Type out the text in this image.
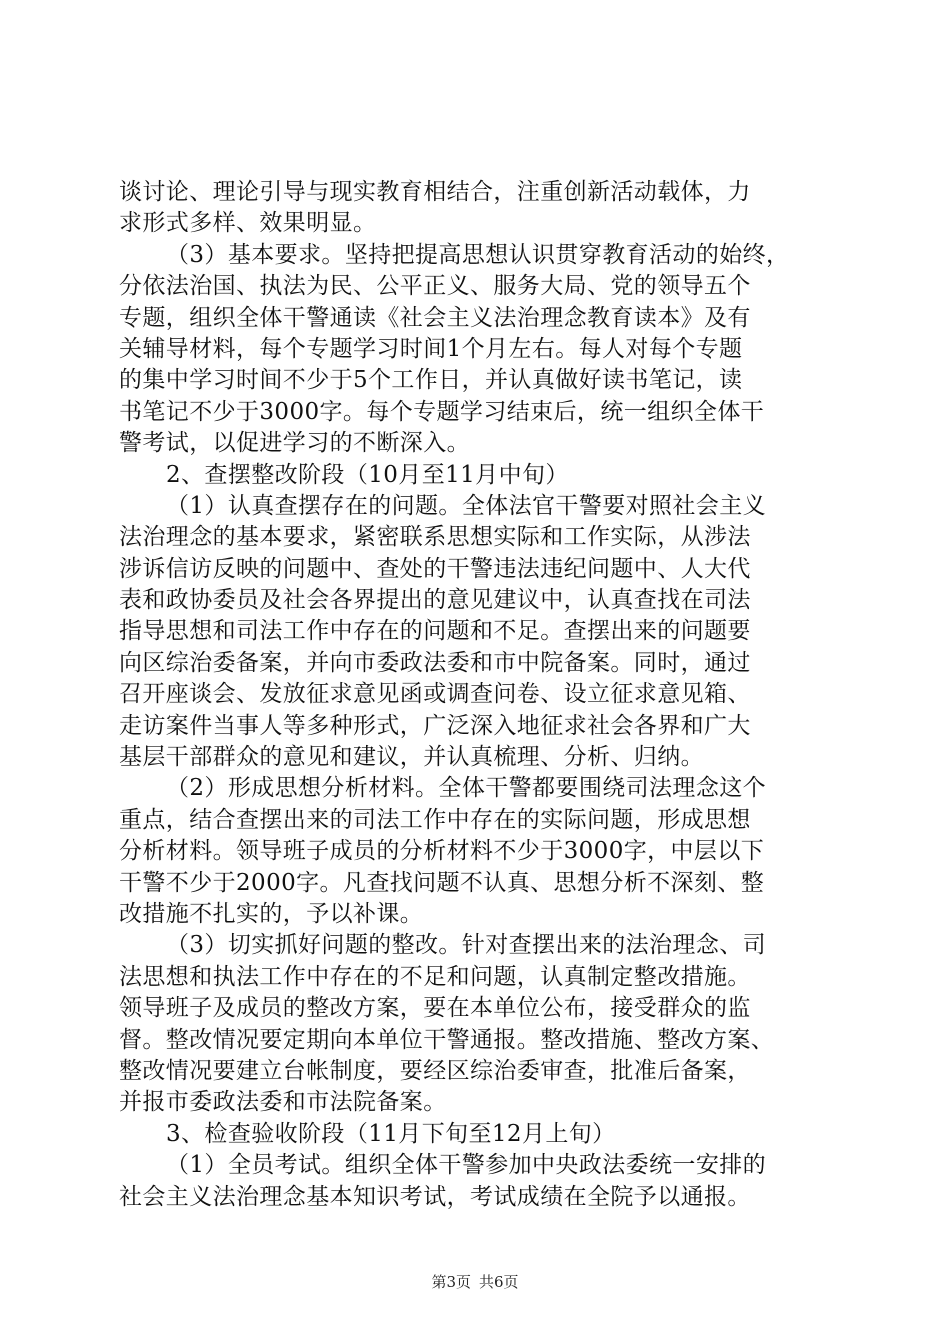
谈讨论、理论引导与现实教育相结合，注重创新活动载体，力
求形式多样、效果明显。
（3）基本要求。坚持把提高思想认识贯穿教育活动的始终，
分依法治国、执法为民、公平正义、服务大局、党的领导五个
专题，组织全体干警通读《社会主义法治理念教育读本》及有
关辅导材料，每个专题学习时间1个月左右。每人对每个专题
的集中学习时间不少于5个工作日，并认真做好读书笔记，读
书笔记不少于3000字。每个专题学习结束后，统一组织全体干
警考试，以促进学习的不断深入。
2、查摆整改阶段（10月至11月中旬）
（1）认真查摆存在的问题。全体法官干警要对照社会主义
法治理念的基本要求，紧密联系思想实际和工作实际，从涉法
涉诉信访反映的问题中、查处的干警违法违纪问题中、人大代
表和政协委员及社会各界提出的意见建议中，认真查找在司法
指导思想和司法工作中存在的问题和不足。查摆出来的问题要
向区综治委备案，并向市委政法委和市中院备案。同时，通过
召开座谈会、发放征求意见函或调查问卷、设立征求意见箱、
走访案件当事人等多种形式，广泛深入地征求社会各界和广大
基层干部群众的意见和建议，并认真梳理、分析、归纳。
（2）形成思想分析材料。全体干警都要围绕司法理念这个
重点，结合查摆出来的司法工作中存在的实际问题，形成思想
分析材料。领导班子成员的分析材料不少于3000字，中层以下
干警不少于2000字。凡查找问题不认真、思想分析不深刻、整
改措施不扎实的，予以补课。
（3）切实抓好问题的整改。针对查摆出来的法治理念、司
法思想和执法工作中存在的不足和问题，认真制定整改措施。
领导班子及成员的整改方案，要在本单位公布，接受群众的监
督。整改情况要定期向本单位干警通报。整改措施、整改方案、
整改情况要建立台帐制度，要经区综治委审查，批准后备案，
并报市委政法委和市法院备案。
3、检查验收阶段（11月下旬至12月上旬）
（1）全员考试。组织全体干警参加中央政法委统一安排的
社会主义法治理念基本知识考试，考试成绩在全院予以通报。
第3页 共6页
